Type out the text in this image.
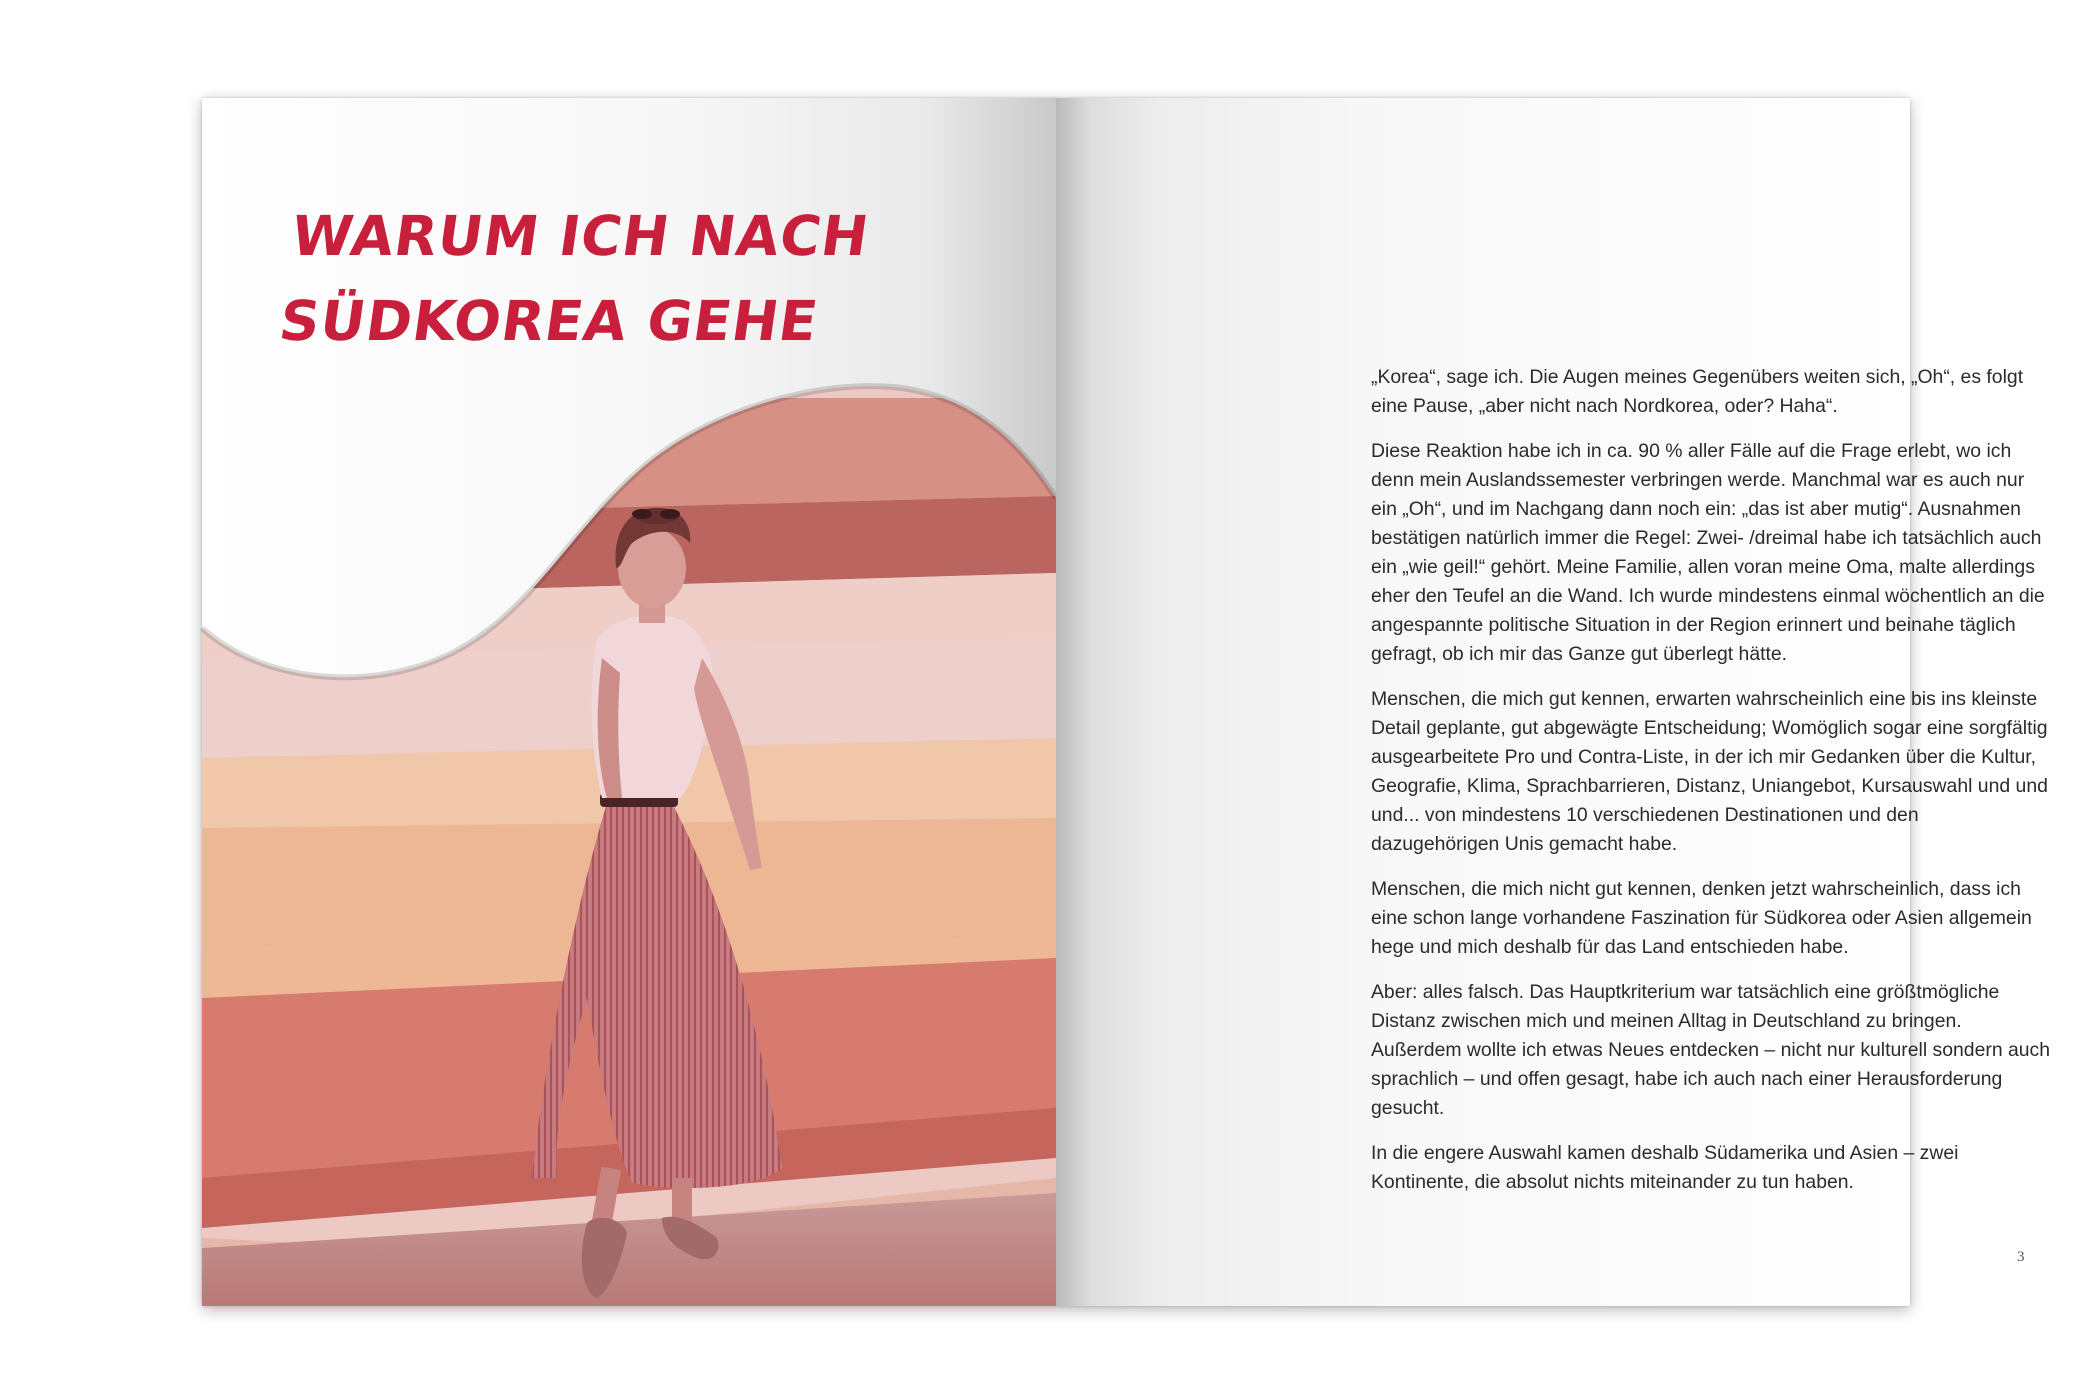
WARUM ICH NACH
SÜDKOREA GEHE

„Korea“, sage ich. Die Augen meines Gegenübers weiten sich, „Oh“, es folgt eine Pause, „aber nicht nach Nordkorea, oder? Haha“.

Diese Reaktion habe ich in ca. 90 % aller Fälle auf die Frage erlebt, wo ich denn mein Auslandssemester verbringen werde. Manchmal war es auch nur ein „Oh“, und im Nachgang dann noch ein: „das ist aber mutig“. Ausnahmen bestätigen natürlich immer die Regel: Zwei- /dreimal habe ich tatsächlich auch ein „wie geil!“ gehört. Meine Familie, allen voran meine Oma, malte allerdings eher den Teufel an die Wand. Ich wurde mindestens einmal wöchentlich an die angespannte politische Situation in der Region erinnert und beinahe täglich gefragt, ob ich mir das Ganze gut überlegt hätte.

Menschen, die mich gut kennen, erwarten wahrscheinlich eine bis ins kleinste Detail geplante, gut abgewägte Entscheidung; Womöglich sogar eine sorgfältig ausgearbeitete Pro und Contra-Liste, in der ich mir Gedanken über die Kultur, Geografie, Klima, Sprachbarrieren, Distanz, Uniangebot, Kursauswahl und und und... von mindestens 10 verschiedenen Destinationen und den dazugehörigen Unis gemacht habe.

Menschen, die mich nicht gut kennen, denken jetzt wahrscheinlich, dass ich eine schon lange vorhandene Faszination für Südkorea oder Asien allgemein hege und mich deshalb für das Land entschieden habe.

Aber: alles falsch. Das Hauptkriterium war tatsächlich eine größtmögliche Distanz zwischen mich und meinen Alltag in Deutschland zu bringen. Außerdem wollte ich etwas Neues entdecken – nicht nur kulturell sondern auch sprachlich – und offen gesagt, habe ich auch nach einer Herausforderung gesucht.

In die engere Auswahl kamen deshalb Südamerika und Asien – zwei Kontinente, die absolut nichts miteinander zu tun haben.

3
